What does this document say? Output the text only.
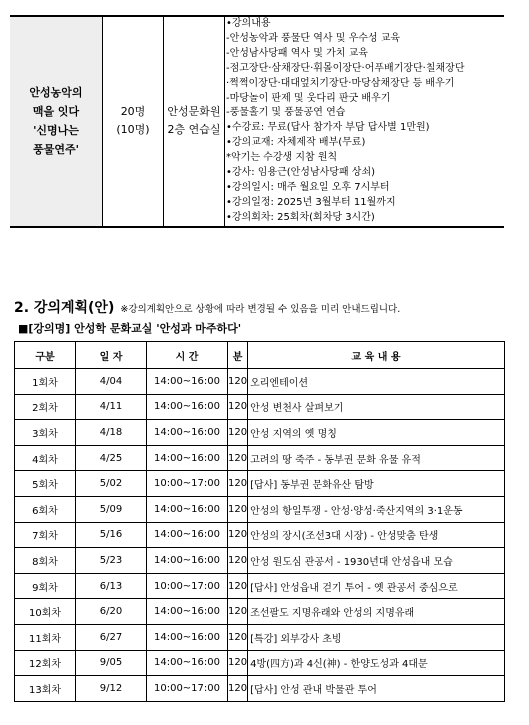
안성농악의
맥을 잇다
'신명나는
풍물연주'

20명
(10명)

안성문화원
2층 연습실

•강의내용
-안성농악과 풍물단 역사 및 우수성 교육
-안성남사당패 역사 및 가치 교육
-점고장단·삼채장단·휘몰이장단·어푸배기장단·칠채장단
·쩍쩍이장단·대대엎치기장단·마당삼채장단 등 배우기
-마당놀이 판제 및 웃다리 판굿 배우기
-풍물홀기 및 풍물공연 연습
•수강료: 무료(답사 참가자 부담 답사별 1만원)
•강의교재: 자체제작 배부(무료)
*악기는 수강생 지참 원칙
•강사: 임용근(안성남사당패 상쇠)
•강의일시: 매주 월요일 오후 7시부터
•강의일정: 2025년 3월부터 11월까지
•강의회차: 25회차(회차당 3시간)
2. 강의계획(안) ※강의계획안으로 상황에 따라 변경될 수 있음을 미리 안내드립니다.
■[강의명] 안성학 문화교실 '안성과 마주하다'
구분	일 자	시 간	분	교 육 내 용
1회차	4/04	14:00~16:00	120	오리엔테이션
2회차	4/11	14:00~16:00	120	안성 변천사 살펴보기
3회차	4/18	14:00~16:00	120	안성 지역의 옛 명칭
4회차	4/25	14:00~16:00	120	고려의 땅 죽주 - 동부권 문화 유물 유적
5회차	5/02	10:00~17:00	120	[답사] 동부권 문화유산 탐방
6회차	5/09	14:00~16:00	120	안성의 항일투쟁 - 안성·양성·죽산지역의 3·1운동
7회차	5/16	14:00~16:00	120	안성의 장시(조선3대 시장) - 안성맞춤 탄생
8회차	5/23	14:00~16:00	120	안성 원도심 관공서 - 1930년대 안성읍내 모습
9회차	6/13	10:00~17:00	120	[답사] 안성읍내 걷기 투어 - 옛 관공서 중심으로
10회차	6/20	14:00~16:00	120	조선팔도 지명유래와 안성의 지명유래
11회차	6/27	14:00~16:00	120	[특강] 외부강사 초빙
12회차	9/05	14:00~16:00	120	4방(四方)과 4신(神) - 한양도성과 4대문
13회차	9/12	10:00~17:00	120	[답사] 안성 관내 박물관 투어
